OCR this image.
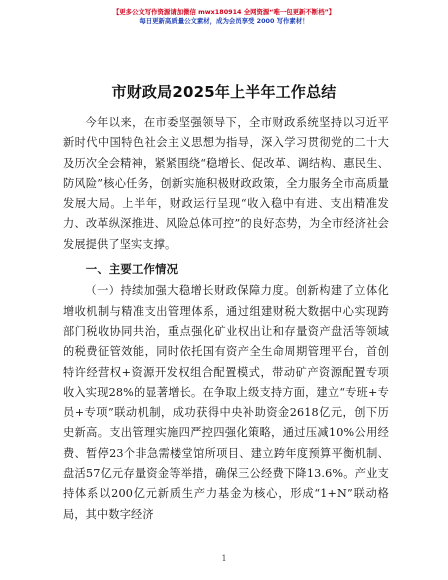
【更多公文写作资源请加微信 mwx180914 全网资源“唯一包更新不断档”】
每日更新高质量公文素材，成为会员享受 2000 写作素材！
市财政局2025年上半年工作总结

今年以来，在市委坚强领导下，全市财政系统坚持以习近平新时代中国特色社会主义思想为指导，深入学习贯彻党的二十大及历次全会精神，紧紧围绕“稳增长、促改革、调结构、惠民生、防风险”核心任务，创新实施积极财政政策，全力服务全市高质量发展大局。上半年，财政运行呈现“收入稳中有进、支出精准发力、改革纵深推进、风险总体可控”的良好态势，为全市经济社会发展提供了坚实支撑。

一、主要工作情况

（一）持续加强大稳增长财政保障力度。创新构建了立体化增收机制与精准支出管理体系，通过组建财税大数据中心实现跨部门税收协同共治，重点强化矿业权出让和存量资产盘活等领域的税费征管效能，同时依托国有资产全生命周期管理平台，首创特许经营权+资源开发权组合配置模式，带动矿产资源配置专项收入实现28%的显著增长。在争取上级支持方面，建立“专班+专员+专项”联动机制，成功获得中央补助资金2618亿元，创下历史新高。支出管理实施四严控四强化策略，通过压减10%公用经费、暂停23个非急需楼堂馆所项目、建立跨年度预算平衡机制、盘活57亿元存量资金等举措，确保三公经费下降13.6%。产业支持体系以200亿元新质生产力基金为核心，形成“1+N”联动格局，其中数字经济

1
